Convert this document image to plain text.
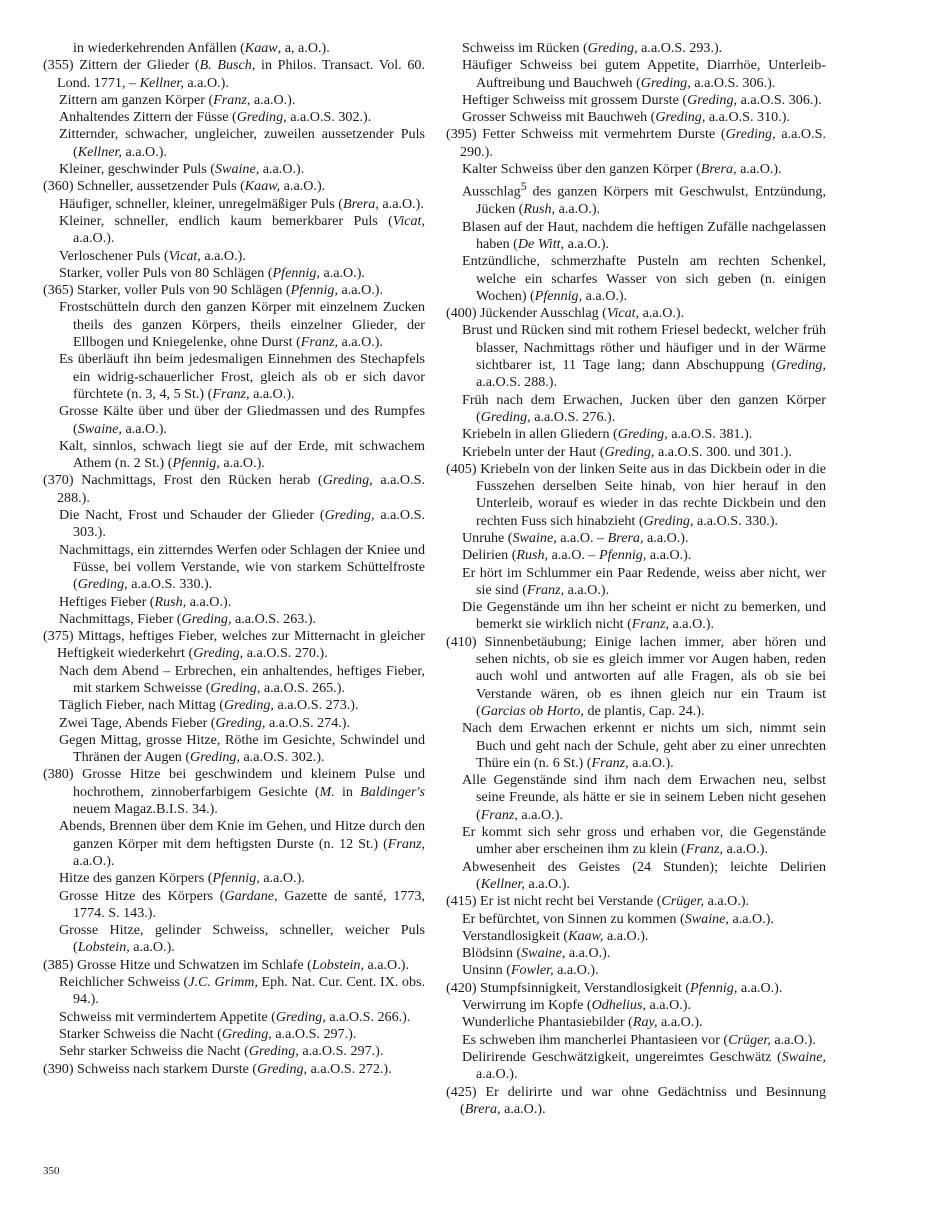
in wiederkehrenden Anfällen (Kaaw, a, a.O.).
(355) Zittern der Glieder (B. Busch, in Philos. Transact. Vol. 60. Lond. 1771, – Kellner, a.a.O.).
Zittern am ganzen Körper (Franz, a.a.O.).
Anhaltendes Zittern der Füsse (Greding, a.a.O.S. 302.).
Zitternder, schwacher, ungleicher, zuweilen aussetzender Puls (Kellner, a.a.O.).
Kleiner, geschwinder Puls (Swaine, a.a.O.).
(360) Schneller, aussetzender Puls (Kaaw, a.a.O.).
Häufiger, schneller, kleiner, unregelmäßiger Puls (Brera, a.a.O.).
Kleiner, schneller, endlich kaum bemerkbarer Puls (Vicat, a.a.O.).
Verloschener Puls (Vicat, a.a.O.).
Starker, voller Puls von 80 Schlägen (Pfennig, a.a.O.).
(365) Starker, voller Puls von 90 Schlägen (Pfennig, a.a.O.).
Frostschütteln durch den ganzen Körper mit einzelnem Zucken theils des ganzen Körpers, theils einzelner Glieder, der Ellbogen und Kniegelenke, ohne Durst (Franz, a.a.O.).
Es überläuft ihn beim jedesmaligen Einnehmen des Stechapfels ein widrig-schauerlicher Frost, gleich als ob er sich davor fürchtete (n. 3, 4, 5 St.) (Franz, a.a.O.).
Grosse Kälte über und über der Gliedmassen und des Rumpfes (Swaine, a.a.O.).
Kalt, sinnlos, schwach liegt sie auf der Erde, mit schwachem Athem (n. 2 St.) (Pfennig, a.a.O.).
(370) Nachmittags, Frost den Rücken herab (Greding, a.a.O.S. 288.).
Die Nacht, Frost und Schauder der Glieder (Greding, a.a.O.S. 303.).
Nachmittags, ein zitterndes Werfen oder Schlagen der Kniee und Füsse, bei vollem Verstande, wie von starkem Schüttelfroste (Greding, a.a.O.S. 330.).
Heftiges Fieber (Rush, a.a.O.).
Nachmittags, Fieber (Greding, a.a.O.S. 263.).
(375) Mittags, heftiges Fieber, welches zur Mitternacht in gleicher Heftigkeit wiederkehrt (Greding, a.a.O.S. 270.).
Nach dem Abend – Erbrechen, ein anhaltendes, heftiges Fieber, mit starkem Schweisse (Greding, a.a.O.S. 265.).
Täglich Fieber, nach Mittag (Greding, a.a.O.S. 273.).
Zwei Tage, Abends Fieber (Greding, a.a.O.S. 274.).
Gegen Mittag, grosse Hitze, Röthe im Gesichte, Schwindel und Thränen der Augen (Greding, a.a.O.S. 302.).
(380) Grosse Hitze bei geschwindem und kleinem Pulse und hochrothem, zinnoberfarbigem Gesichte (M. in Baldinger's neuem Magaz.B.I.S. 34.).
Abends, Brennen über dem Knie im Gehen, und Hitze durch den ganzen Körper mit dem heftigsten Durste (n. 12 St.) (Franz, a.a.O.).
Hitze des ganzen Körpers (Pfennig, a.a.O.).
Grosse Hitze des Körpers (Gardane, Gazette de santé, 1773, 1774. S. 143.).
Grosse Hitze, gelinder Schweiss, schneller, weicher Puls (Lobstein, a.a.O.).
(385) Grosse Hitze und Schwatzen im Schlafe (Lobstein, a.a.O.).
Reichlicher Schweiss (J.C. Grimm, Eph. Nat. Cur. Cent. IX. obs. 94.).
Schweiss mit vermindertem Appetite (Greding, a.a.O.S. 266.).
Starker Schweiss die Nacht (Greding, a.a.O.S. 297.).
Sehr starker Schweiss die Nacht (Greding, a.a.O.S. 297.).
(390) Schweiss nach starkem Durste (Greding, a.a.O.S. 272.).
Schweiss im Rücken (Greding, a.a.O.S. 293.).
Häufiger Schweiss bei gutem Appetite, Diarrhöe, Unterleib-Auftreibung und Bauchweh (Greding, a.a.O.S. 306.).
Heftiger Schweiss mit grossem Durste (Greding, a.a.O.S. 306.).
Grosser Schweiss mit Bauchweh (Greding, a.a.O.S. 310.).
(395) Fetter Schweiss mit vermehrtem Durste (Greding, a.a.O.S. 290.).
Kalter Schweiss über den ganzen Körper (Brera, a.a.O.).
Ausschlag$^5$ des ganzen Körpers mit Geschwulst, Entzündung, Jücken (Rush, a.a.O.).
Blasen auf der Haut, nachdem die heftigen Zufälle nachgelassen haben (De Witt, a.a.O.).
Entzündliche, schmerzhafte Pusteln am rechten Schenkel, welche ein scharfes Wasser von sich geben (n. einigen Wochen) (Pfennig, a.a.O.).
(400) Jückender Ausschlag (Vicat, a.a.O.).
Brust und Rücken sind mit rothem Friesel bedeckt, welcher früh blasser, Nachmittags röther und häufiger und in der Wärme sichtbarer ist, 11 Tage lang; dann Abschuppung (Greding, a.a.O.S. 288.).
Früh nach dem Erwachen, Jucken über den ganzen Körper (Greding, a.a.O.S. 276.).
Kriebeln in allen Gliedern (Greding, a.a.O.S. 381.).
Kriebeln unter der Haut (Greding, a.a.O.S. 300. und 301.).
(405) Kriebeln von der linken Seite aus in das Dickbein oder in die Fusszehen derselben Seite hinab, von hier herauf in den Unterleib, worauf es wieder in das rechte Dickbein und den rechten Fuss sich hinabzieht (Greding, a.a.O.S. 330.).
Unruhe (Swaine, a.a.O. – Brera, a.a.O.).
Delirien (Rush, a.a.O. – Pfennig, a.a.O.).
Er hört im Schlummer ein Paar Redende, weiss aber nicht, wer sie sind (Franz, a.a.O.).
Die Gegenstände um ihn her scheint er nicht zu bemerken, und bemerkt sie wirklich nicht (Franz, a.a.O.).
(410) Sinnenbetäubung; Einige lachen immer, aber hören und sehen nichts, ob sie es gleich immer vor Augen haben, reden auch wohl und antworten auf alle Fragen, als ob sie bei Verstande wären, ob es ihnen gleich nur ein Traum ist (Garcias ob Horto, de plantis, Cap. 24.).
Nach dem Erwachen erkennt er nichts um sich, nimmt sein Buch und geht nach der Schule, geht aber zu einer unrechten Thüre ein (n. 6 St.) (Franz, a.a.O.).
Alle Gegenstände sind ihm nach dem Erwachen neu, selbst seine Freunde, als hätte er sie in seinem Leben nicht gesehen (Franz, a.a.O.).
Er kommt sich sehr gross und erhaben vor, die Gegenstände umher aber erscheinen ihm zu klein (Franz, a.a.O.).
Abwesenheit des Geistes (24 Stunden); leichte Delirien (Kellner, a.a.O.).
(415) Er ist nicht recht bei Verstande (Crüger, a.a.O.).
Er befürchtet, von Sinnen zu kommen (Swaine, a.a.O.).
Verstandlosigkeit (Kaaw, a.a.O.).
Blödsinn (Swaine, a.a.O.).
Unsinn (Fowler, a.a.O.).
(420) Stumpfsinnigkeit, Verstandlosigkeit (Pfennig, a.a.O.).
Verwirrung im Kopfe (Odhelius, a.a.O.).
Wunderliche Phantasiebilder (Ray, a.a.O.).
Es schweben ihm mancherlei Phantasieen vor (Crüger, a.a.O.).
Delirirende Geschwätzigkeit, ungereimtes Geschwätz (Swaine, a.a.O.).
(425) Er delirirte und war ohne Gedächtniss und Besinnung (Brera, a.a.O.).
350
